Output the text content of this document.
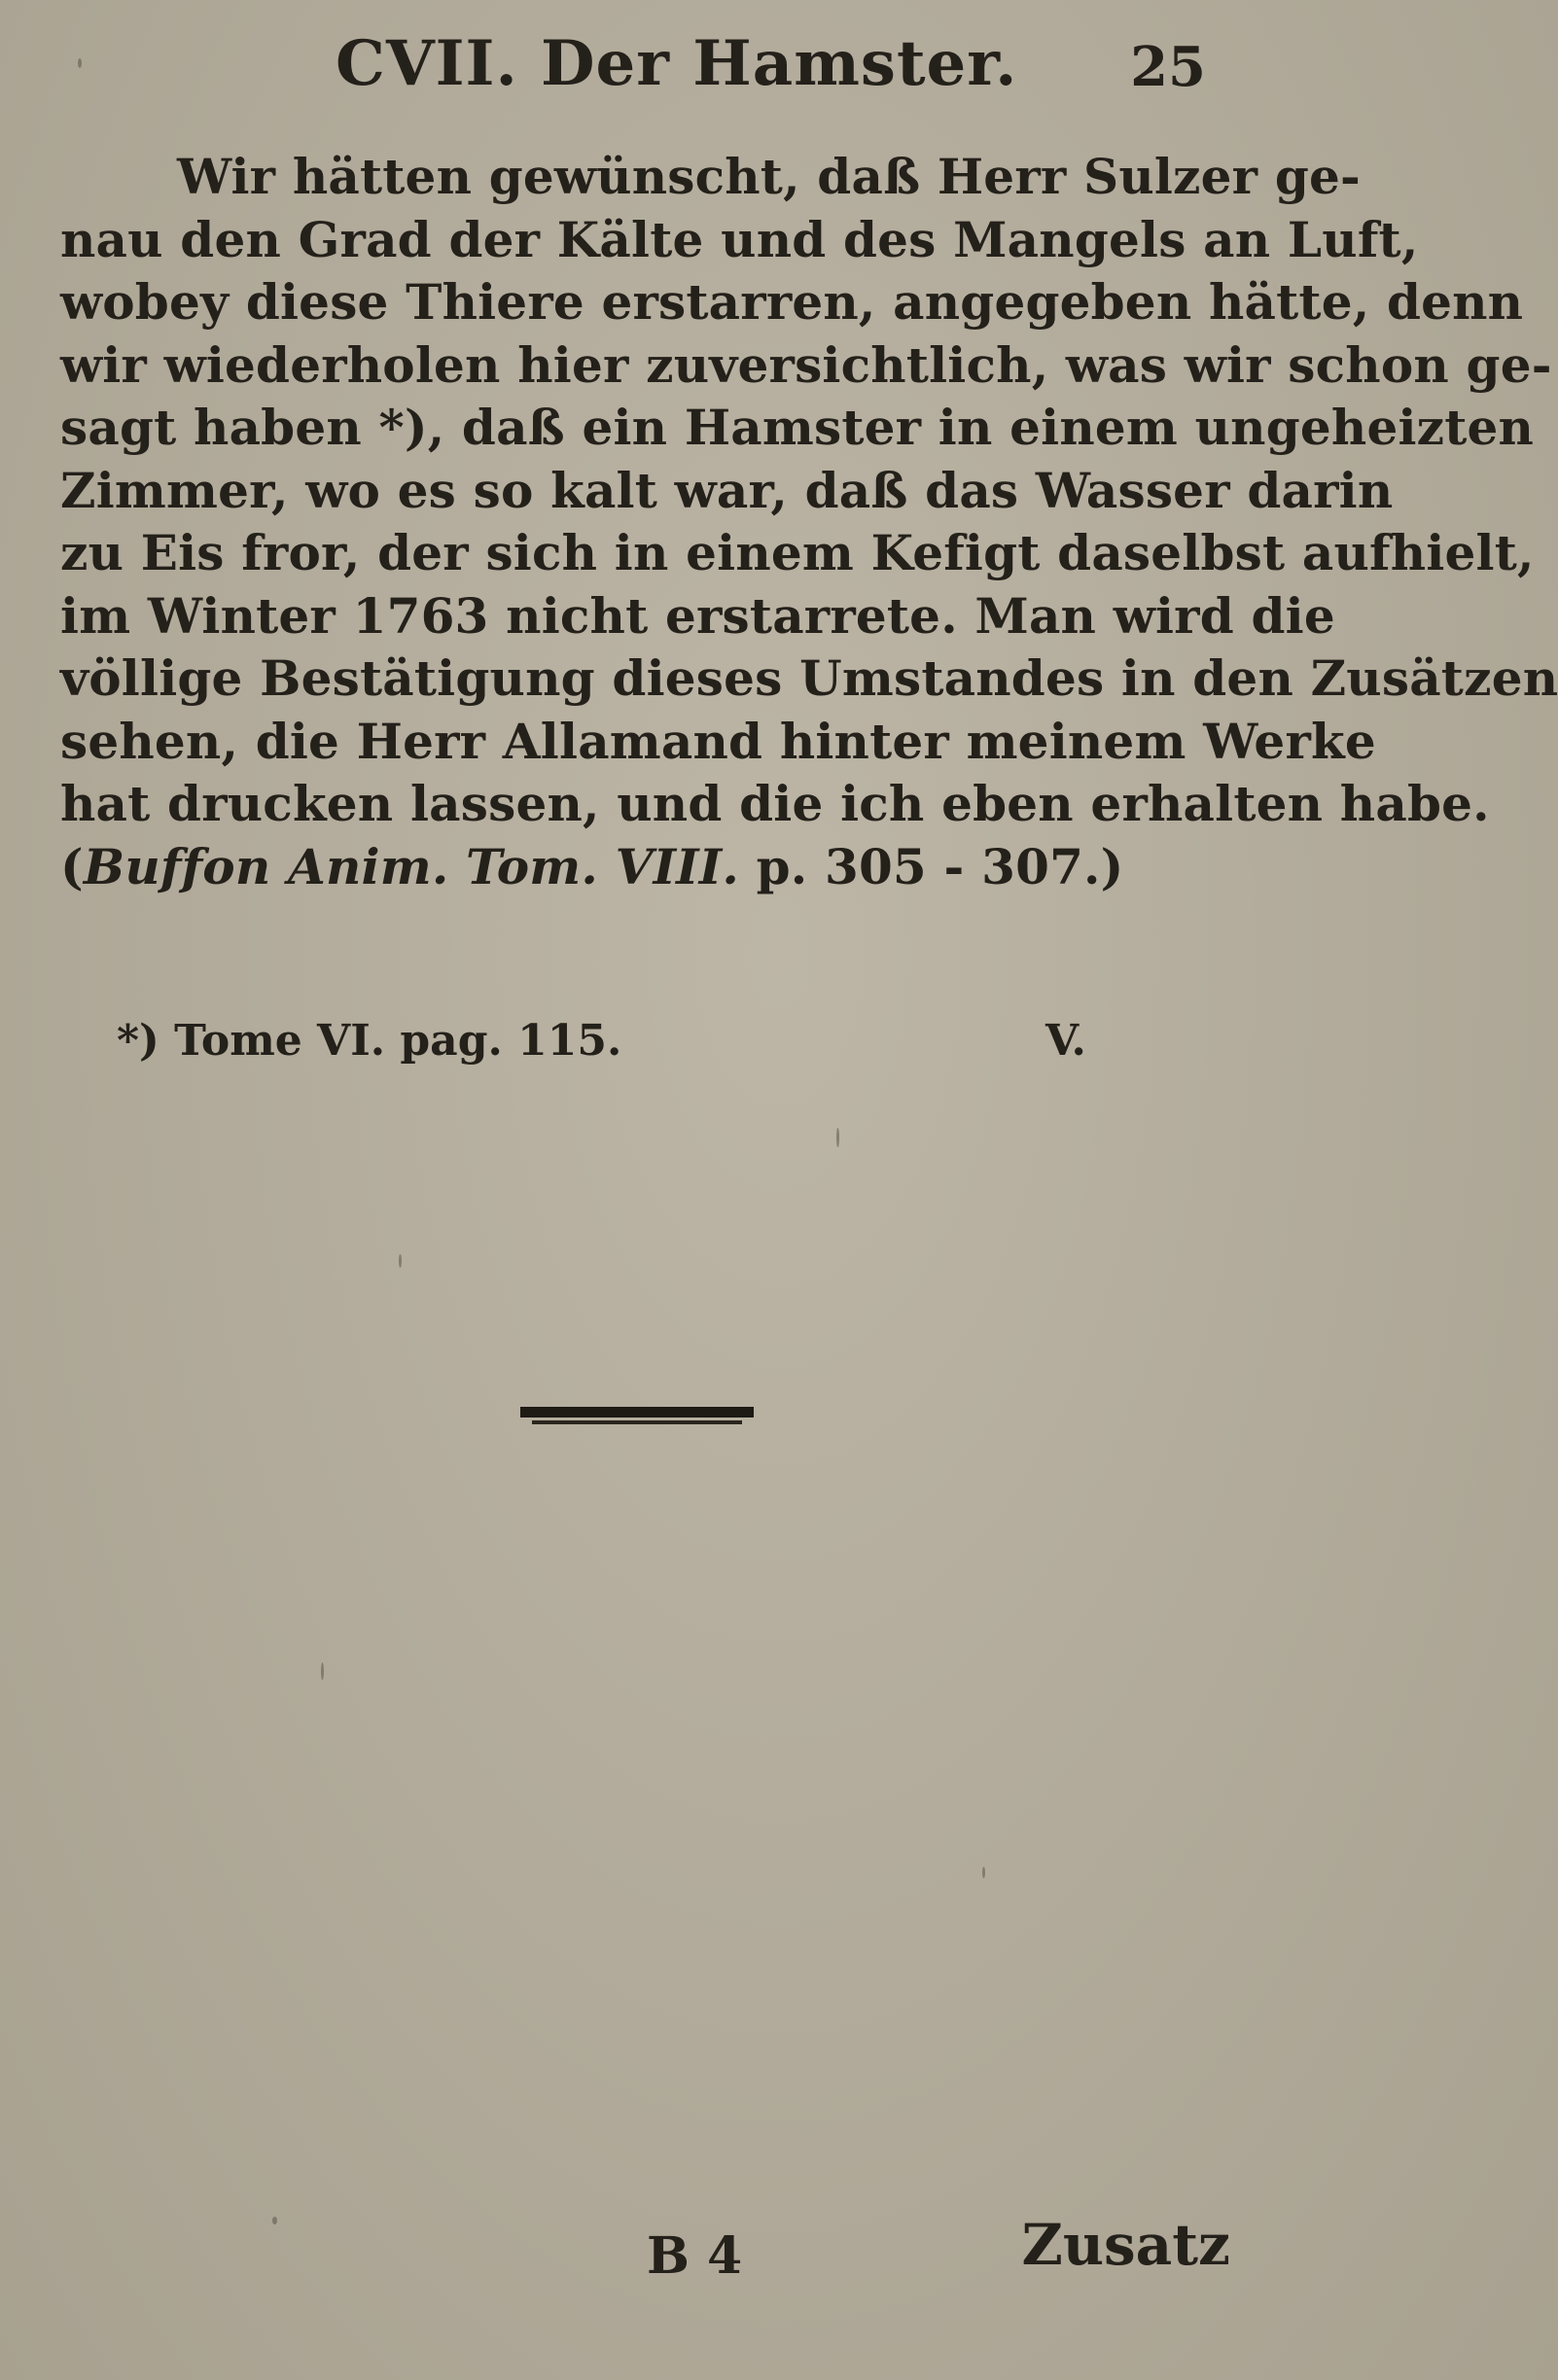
CVII. Der Hamster. 25
Wir hätten gewünscht, daß Herr Sulzer ge-
nau den Grad der Kälte und des Mangels an Luft,
wobey diese Thiere erstarren, angegeben hätte, denn
wir wiederholen hier zuversichtlich, was wir schon ge-
sagt haben *), daß ein Hamster in einem ungeheizten
Zimmer, wo es so kalt war, daß das Wasser darin
zu Eis fror, der sich in einem Kefigt daselbst aufhielt,
im Winter 1763 nicht erstarrete. Man wird die
völlige Bestätigung dieses Umstandes in den Zusätzen
sehen, die Herr Allamand hinter meinem Werke
hat drucken lassen, und die ich eben erhalten habe.
(Buffon Anim. Tom. VIII. p. 305 - 307.)
*) Tome VI. pag. 115.	V.
B 4	Zusatz
